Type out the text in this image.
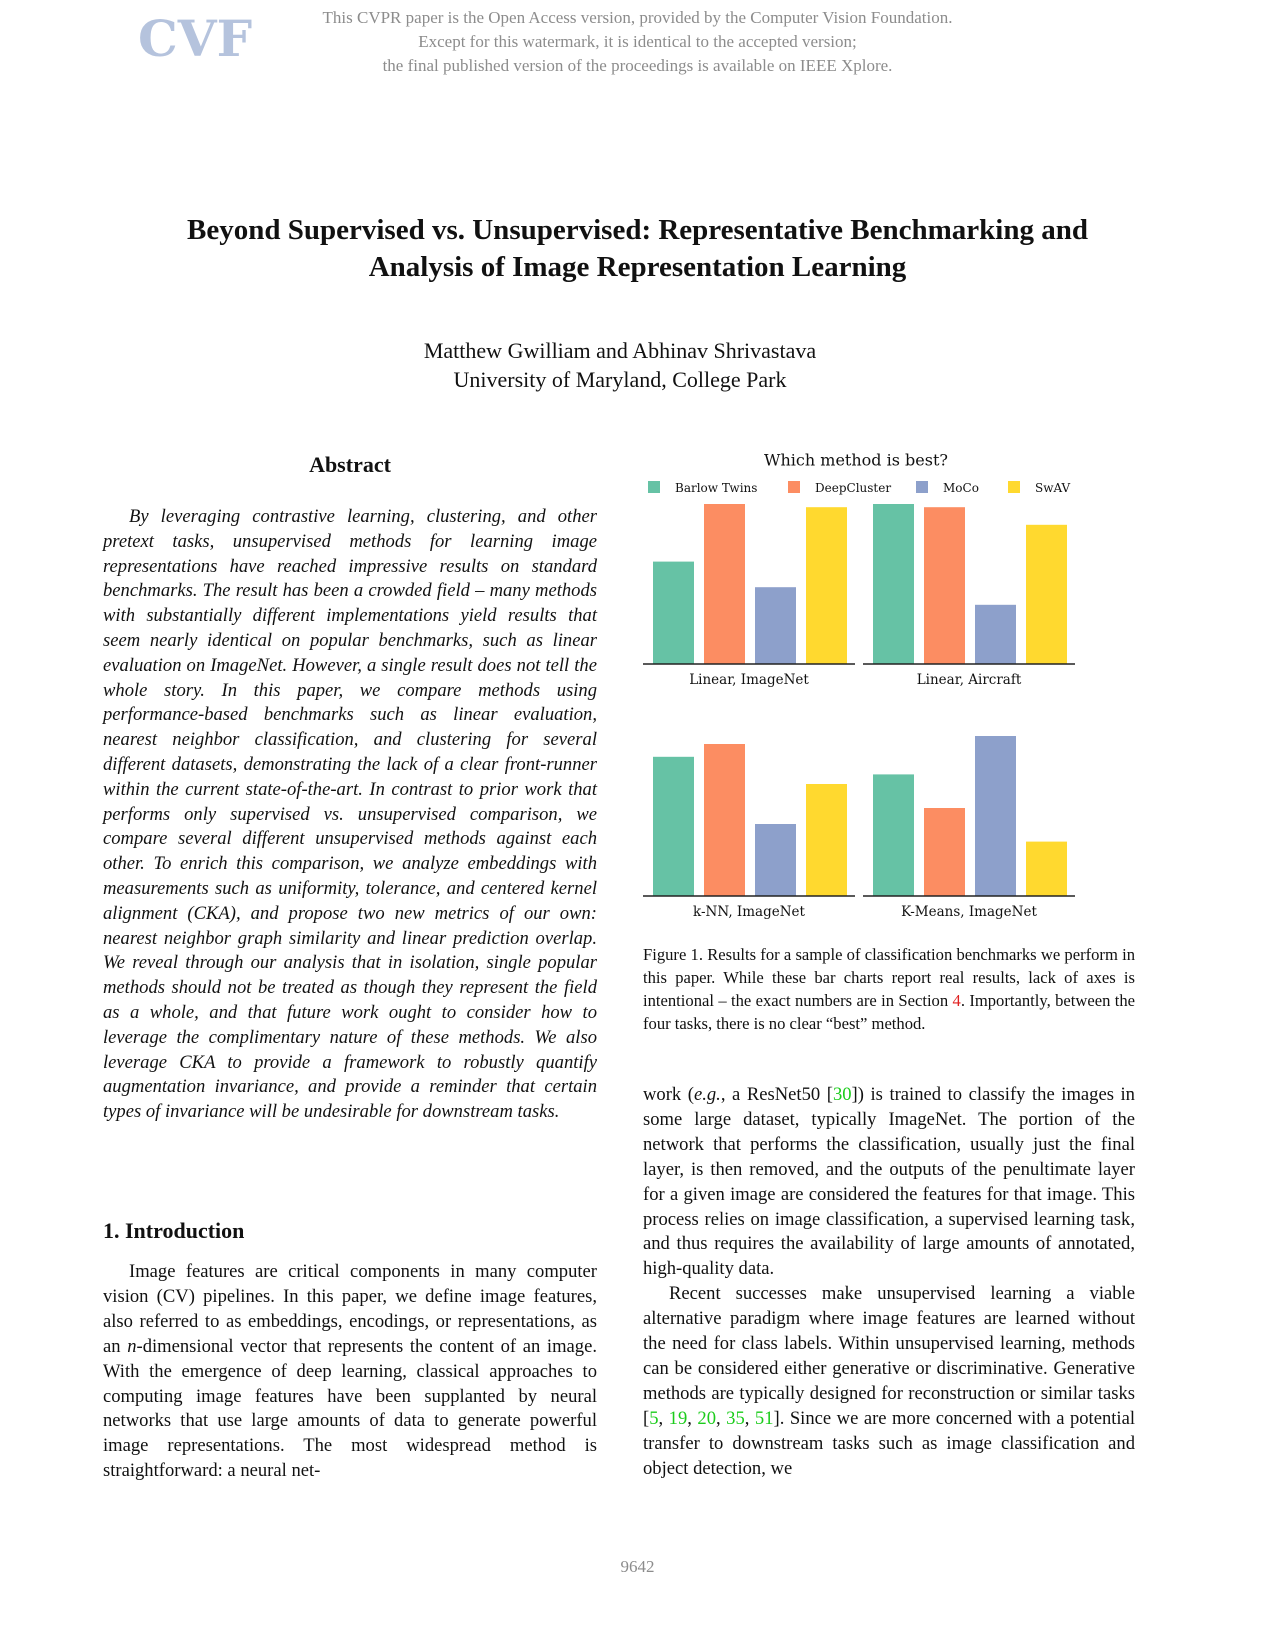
CVF	This CVPR paper is the Open Access version, provided by the Computer Vision Foundation.
Except for this watermark, it is identical to the accepted version;
the final published version of the proceedings is available on IEEE Xplore.
Beyond Supervised vs. Unsupervised: Representative Benchmarking and
Analysis of Image Representation Learning
Matthew Gwilliam and Abhinav Shrivastava
University of Maryland, College Park
Abstract

By leveraging contrastive learning, clustering, and other pretext tasks, unsupervised methods for learning image representations have reached impressive results on standard benchmarks. The result has been a crowded field – many methods with substantially different implementations yield results that seem nearly identical on popular benchmarks, such as linear evaluation on ImageNet. However, a single result does not tell the whole story. In this paper, we compare methods using performance-based benchmarks such as linear evaluation, nearest neighbor classification, and clustering for several different datasets, demonstrating the lack of a clear front-runner within the current state-of-the-art. In contrast to prior work that performs only supervised vs. unsupervised comparison, we compare several different unsupervised methods against each other. To enrich this comparison, we analyze embeddings with measurements such as uniformity, tolerance, and centered kernel alignment (CKA), and propose two new metrics of our own: nearest neighbor graph similarity and linear prediction overlap. We reveal through our analysis that in isolation, single popular methods should not be treated as though they represent the field as a whole, and that future work ought to consider how to leverage the complimentary nature of these methods. We also leverage CKA to provide a framework to robustly quantify augmentation invariance, and provide a reminder that certain types of invariance will be undesirable for downstream tasks.

1. Introduction

Image features are critical components in many computer vision (CV) pipelines. In this paper, we define image features, also referred to as embeddings, encodings, or representations, as an n-dimensional vector that represents the content of an image. With the emergence of deep learning, classical approaches to computing image features have been supplanted by neural networks that use large amounts of data to generate powerful image representations. The most widespread method is straightforward: a neural net-

Which method is best?
Barlow Twins	DeepCluster	MoCo	SwAV
Linear, ImageNet	Linear, Aircraft
k-NN, ImageNet	K-Means, ImageNet
Figure 1. Results for a sample of classification benchmarks we perform in this paper. While these bar charts report real results, lack of axes is intentional – the exact numbers are in Section 4. Importantly, between the four tasks, there is no clear “best” method.

work (e.g., a ResNet50 [30]) is trained to classify the images in some large dataset, typically ImageNet. The portion of the network that performs the classification, usually just the final layer, is then removed, and the outputs of the penultimate layer for a given image are considered the features for that image. This process relies on image classification, a supervised learning task, and thus requires the availability of large amounts of annotated, high-quality data.

Recent successes make unsupervised learning a viable alternative paradigm where image features are learned without the need for class labels. Within unsupervised learning, methods can be considered either generative or discriminative. Generative methods are typically designed for reconstruction or similar tasks [5, 19, 20, 35, 51]. Since we are more concerned with a potential transfer to downstream tasks such as image classification and object detection, we

9642
